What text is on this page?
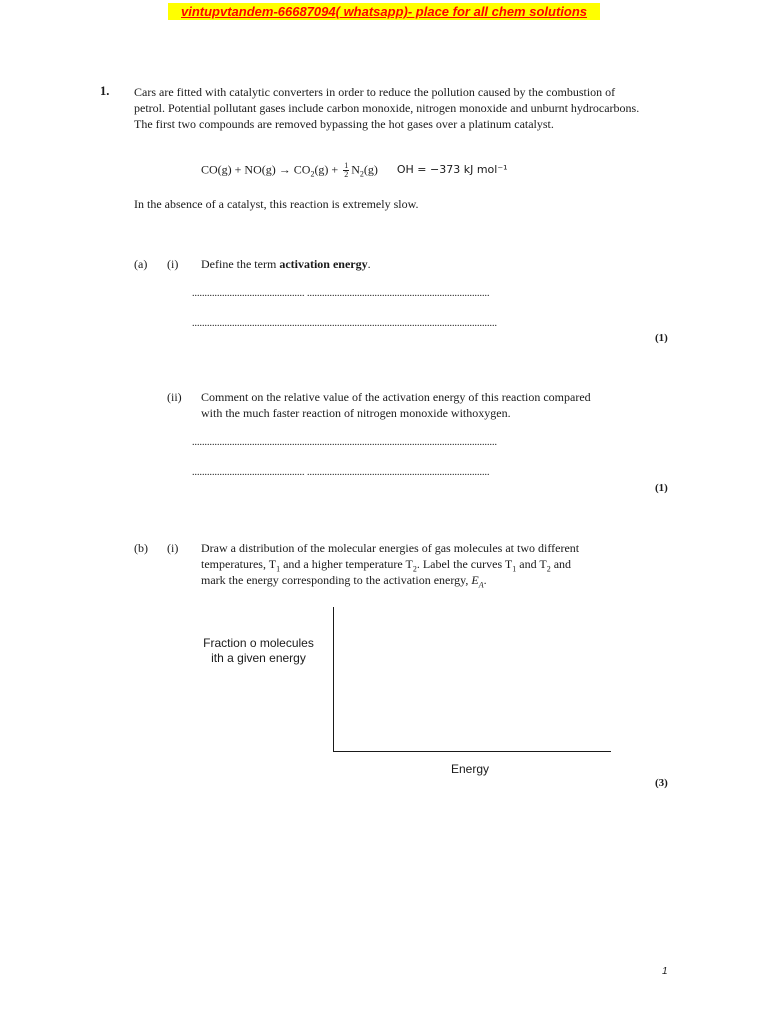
vintupvtandem-66687094( whatsapp)- place for all chem solutions
1. Cars are fitted with catalytic converters in order to reduce the pollution caused by the combustion of petrol. Potential pollutant gases include carbon monoxide, nitrogen monoxide and unburnt hydrocarbons. The first two compounds are removed bypassing the hot gases over a platinum catalyst.

$CO(g) + NO(g) \to CO_2(g) + \frac{1}{2} N_2(g)$ OH = −373 kJ mol⁻¹
In the absence of a catalyst, this reaction is extremely slow.
(a) (i) Define the term activation energy.
............................................. .........................................................................
..........................................................................................................................
(1)
(ii) Comment on the relative value of the activation energy of this reaction compared
with the much faster reaction of nitrogen monoxide withoxygen.
..........................................................................................................................
............................................. .........................................................................
(1)
(b) (i) Draw a distribution of the molecular energies of gas molecules at two different
temperatures, $T_1$ and a higher temperature $T_2$. Label the curves $T_1$ and $T_2$ and
mark the energy corresponding to the activation energy, $E_A$.
Fraction o molecules
ith a given energy
Energy
(3)
1
